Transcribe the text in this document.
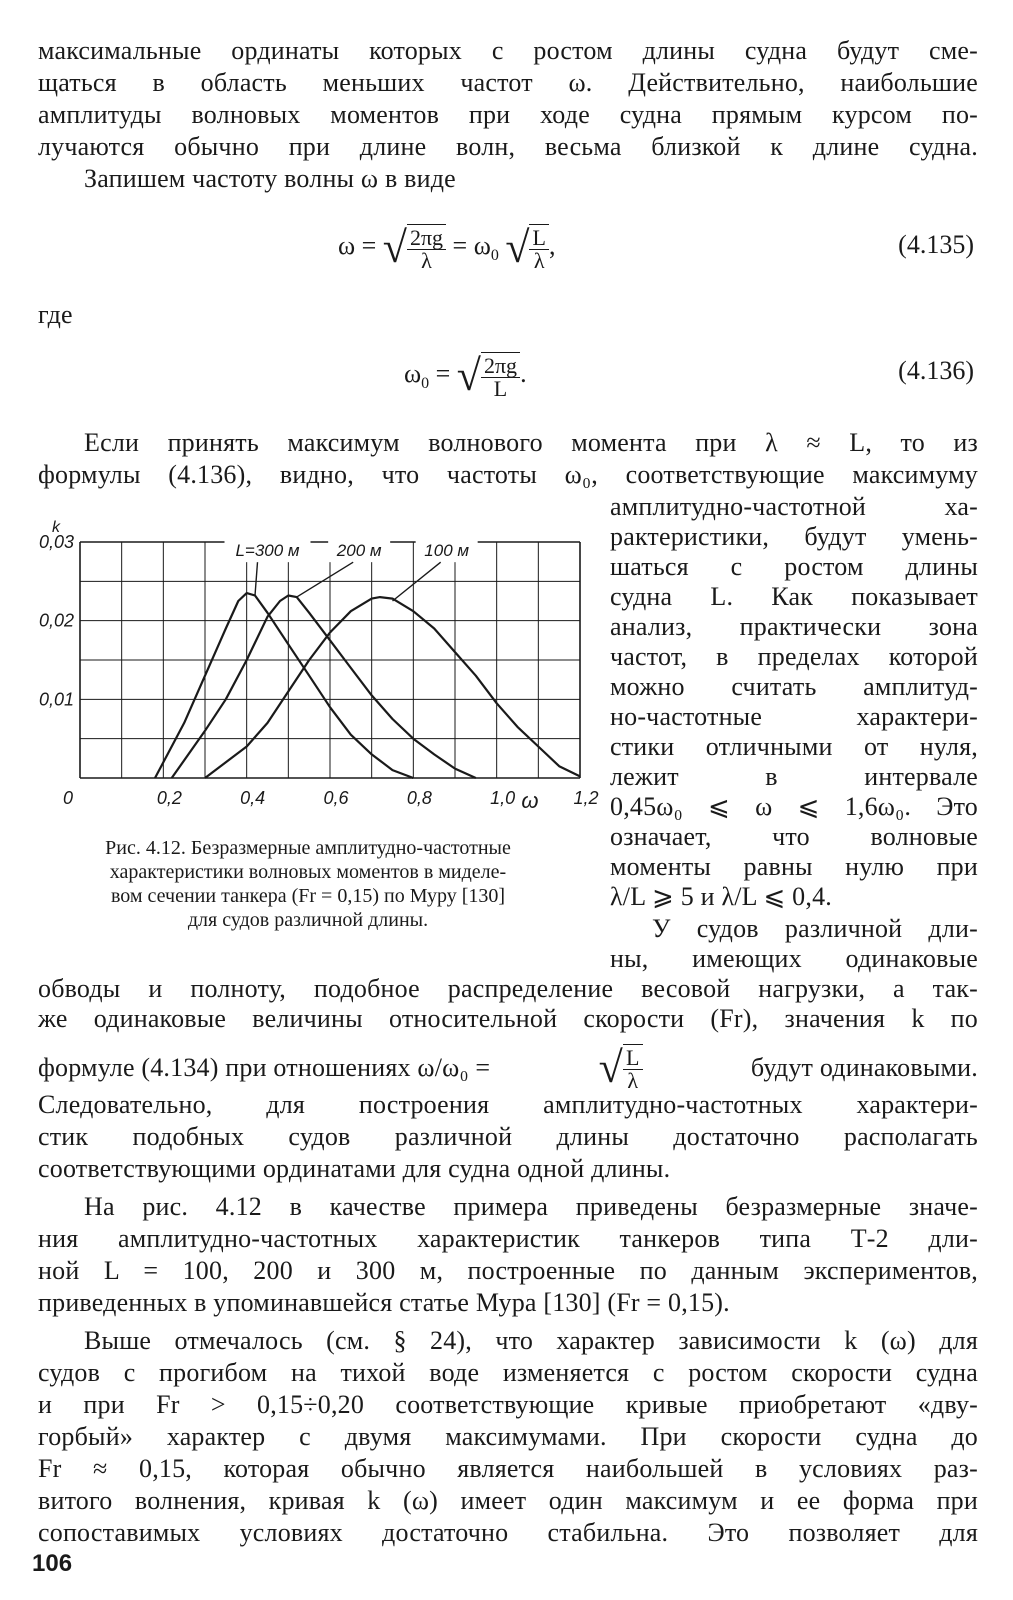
максимальные ординаты которых с ростом длины судна будут сме-
щаться в область меньших частот ω. Действительно, наибольшие
амплитуды волновых моментов при ходе судна прямым курсом по-
лучаются обычно при длине волн, весьма близкой к длине судна.
Запишем частоту волны ω в виде
ω = √ $\frac{2\pi g}{\lambda} = \omega_0$ √ $\frac{L}{\lambda}$ ,	(4.135)
где
$\omega_0$ = √ $\frac{2\pi g}{L}$ .	(4.136)
Если принять максимум волнового момента при λ ≈ L, то из
формулы (4.136), видно, что частоты ω₀, соответствующие максимуму
амплитудно-частотной ха-
рактеристики, будут умень-
шаться с ростом длины
судна L. Как показывает
анализ, практически зона
частот, в пределах которой
можно считать амплитуд-
но-частотные характери-
стики отличными от нуля,
лежит в интервале
0,45ω₀ ⩽ ω ⩽ 1,6ω₀. Это
означает, что волновые
моменты равны нулю при
λ/L ⩾ 5 и λ/L ⩽ 0,4.
У судов различной дли-
ны, имеющих одинаковые
обводы и полноту, подобное распределение весовой нагрузки, а так-
же одинаковые величины относительной скорости (Fr), значения k по
формуле (4.134) при отношениях ω/ω₀ = √ $\frac{L}{\lambda}$	будут одинаковыми.
Следовательно, для построения амплитудно-частотных характери-
стик подобных судов различной длины достаточно располагать
соответствующими ординатами для судна одной длины.
На рис. 4.12 в качестве примера приведены безразмерные значе-
ния амплитудно-частотных характеристик танкеров типа Т-2 дли-
ной L = 100, 200 и 300 м, построенные по данным экспериментов,
приведенных в упоминавшейся статье Мура [130] (Fr = 0,15).
Выше отмечалось (см. § 24), что характер зависимости k (ω) для
судов с прогибом на тихой воде изменяется с ростом скорости судна
и при Fr > 0,15÷0,20 соответствующие кривые приобретают «дву-
горбый» характер с двумя максимумами. При скорости судна до
Fr ≈ 0,15, которая обычно является наибольшей в условиях раз-
витого волнения, кривая k (ω) имеет один максимум и ее форма при
сопоставимых условиях достаточно стабильна. Это позволяет для
0	0,2	0,4	0,6	0,8	1,0	1,2
0,01
0,02
0,03
k
ω
L=300 м 200 м	100 м
Рис. 4.12. Безразмерные амплитудно-частотные
характеристики волновых моментов в миделе-
вом сечении танкера (Fr = 0,15) по Муру [130]
для судов различной длины.
106
